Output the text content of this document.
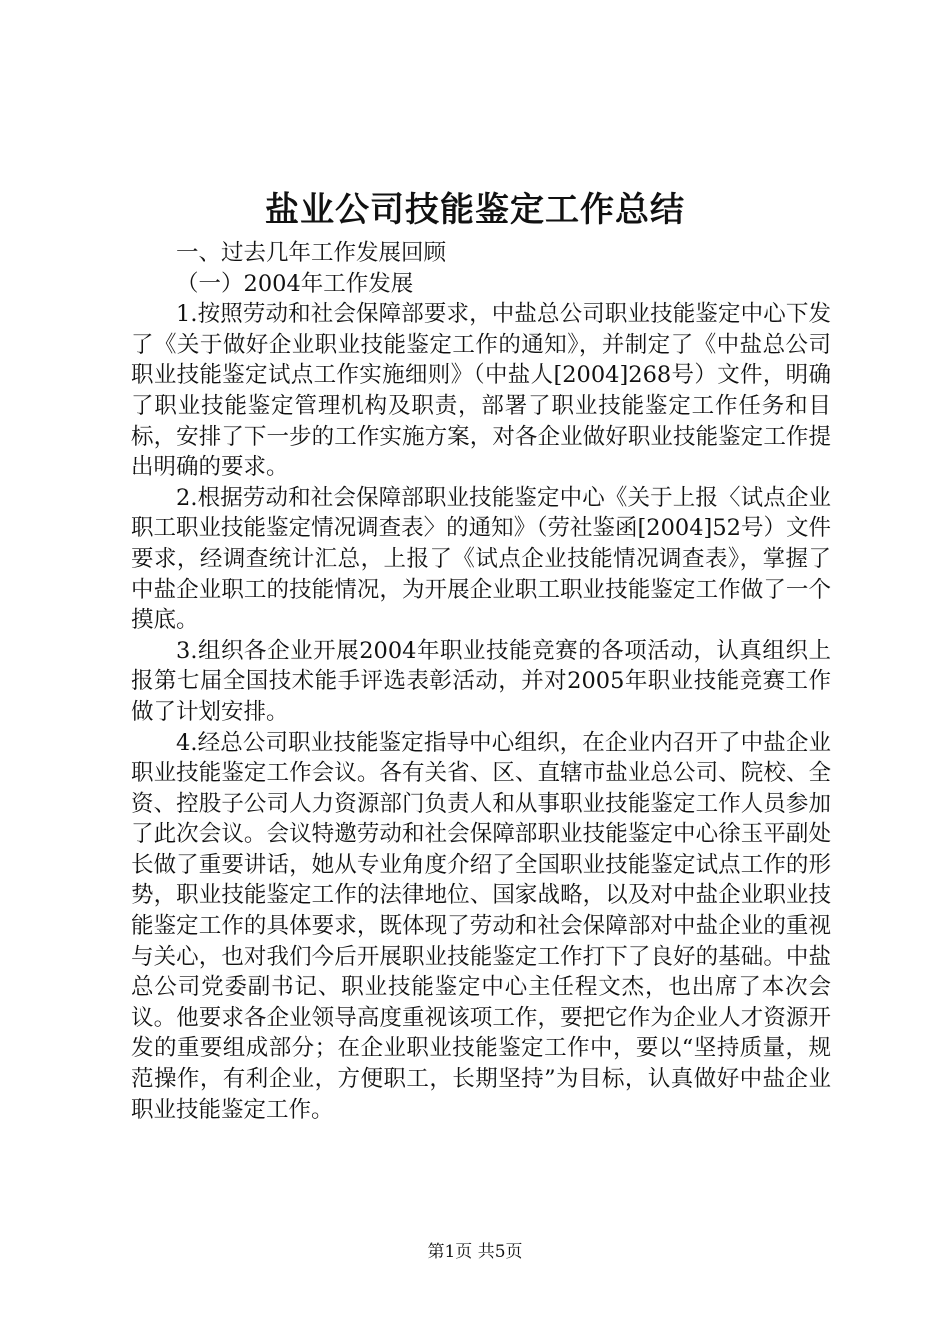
盐业公司技能鉴定工作总结

一、过去几年工作发展回顾

（一）2004年工作发展

1.按照劳动和社会保障部要求，中盐总公司职业技能鉴定中心下发了《关于做好企业职业技能鉴定工作的通知》，并制定了《中盐总公司职业技能鉴定试点工作实施细则》（中盐人[2004]268号）文件，明确了职业技能鉴定管理机构及职责，部署了职业技能鉴定工作任务和目标，安排了下一步的工作实施方案，对各企业做好职业技能鉴定工作提出明确的要求。

2.根据劳动和社会保障部职业技能鉴定中心《关于上报〈试点企业职工职业技能鉴定情况调查表〉的通知》（劳社鉴函[2004]52号）文件要求，经调查统计汇总，上报了《试点企业技能情况调查表》，掌握了中盐企业职工的技能情况，为开展企业职工职业技能鉴定工作做了一个摸底。

3.组织各企业开展2004年职业技能竞赛的各项活动，认真组织上报第七届全国技术能手评选表彰活动，并对2005年职业技能竞赛工作做了计划安排。

4.经总公司职业技能鉴定指导中心组织，在企业内召开了中盐企业职业技能鉴定工作会议。各有关省、区、直辖市盐业总公司、院校、全资、控股子公司人力资源部门负责人和从事职业技能鉴定工作人员参加了此次会议。会议特邀劳动和社会保障部职业技能鉴定中心徐玉平副处长做了重要讲话，她从专业角度介绍了全国职业技能鉴定试点工作的形势，职业技能鉴定工作的法律地位、国家战略，以及对中盐企业职业技能鉴定工作的具体要求，既体现了劳动和社会保障部对中盐企业的重视与关心，也对我们今后开展职业技能鉴定工作打下了良好的基础。中盐总公司党委副书记、职业技能鉴定中心主任程文杰，也出席了本次会议。他要求各企业领导高度重视该项工作，要把它作为企业人才资源开发的重要组成部分；在企业职业技能鉴定工作中，要以“坚持质量，规范操作，有利企业，方便职工，长期坚持”为目标，认真做好中盐企业职业技能鉴定工作。

第1页 共5页
